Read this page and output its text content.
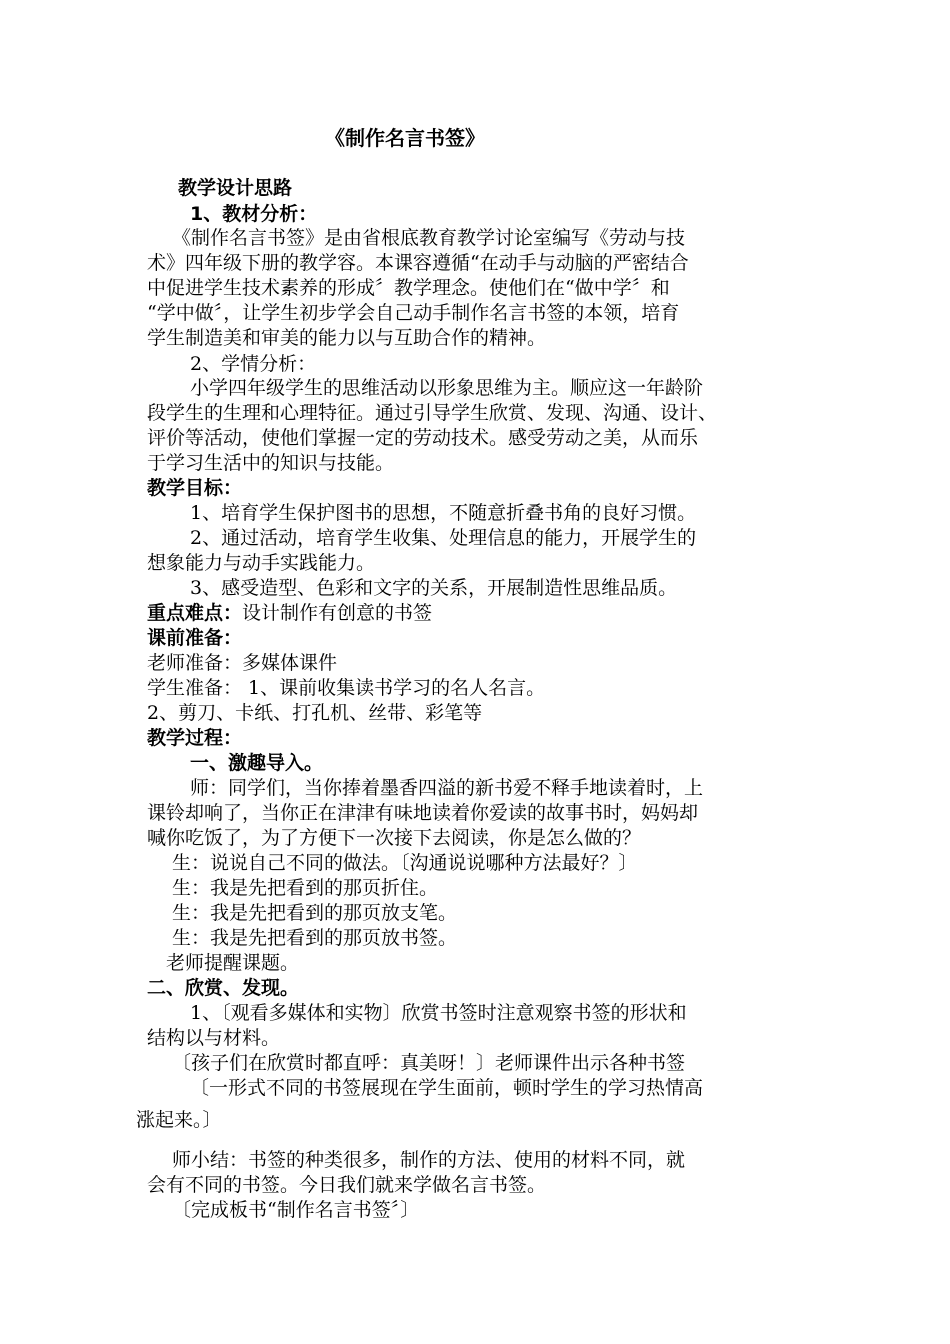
《制作名言书签》
教学设计思路
1、教材分析：
《制作名言书签》是由省根底教育教学讨论室编写《劳动与技
术》四年级下册的教学容。本课容遵循“在动手与动脑的严密结合
中促进学生技术素养的形成〞教学理念。使他们在“做中学〞和
“学中做〞，让学生初步学会自己动手制作名言书签的本领，培育
学生制造美和审美的能力以与互助合作的精神。
2、学情分析：
小学四年级学生的思维活动以形象思维为主。顺应这一年龄阶
段学生的生理和心理特征。通过引导学生欣赏、发现、沟通、设计、
评价等活动，使他们掌握一定的劳动技术。感受劳动之美，从而乐
于学习生活中的知识与技能。
教学目标：
1、培育学生保护图书的思想，不随意折叠书角的良好习惯。
2、通过活动，培育学生收集、处理信息的能力，开展学生的
想象能力与动手实践能力。
3、感受造型、色彩和文字的关系，开展制造性思维品质。
重点难点：设计制作有创意的书签
课前准备：
老师准备：多媒体课件
学生准备： 1、课前收集读书学习的名人名言。
2、剪刀、卡纸、打孔机、丝带、彩笔等
教学过程：
一、激趣导入。
师：同学们，当你捧着墨香四溢的新书爱不释手地读着时，上
课铃却响了，当你正在津津有味地读着你爱读的故事书时，妈妈却
喊你吃饭了，为了方便下一次接下去阅读，你是怎么做的？
生：说说自己不同的做法。〔沟通说说哪种方法最好？〕
生：我是先把看到的那页折住。
生：我是先把看到的那页放支笔。
生：我是先把看到的那页放书签。
老师提醒课题。
二、欣赏、发现。
1、〔观看多媒体和实物〕欣赏书签时注意观察书签的形状和
结构以与材料。
〔孩子们在欣赏时都直呼：真美呀！〕老师课件出示各种书签
〔一形式不同的书签展现在学生面前，顿时学生的学习热情高
涨起来。〕
师小结：书签的种类很多，制作的方法、使用的材料不同，就
会有不同的书签。今日我们就来学做名言书签。
〔完成板书“制作名言书签〞〕
